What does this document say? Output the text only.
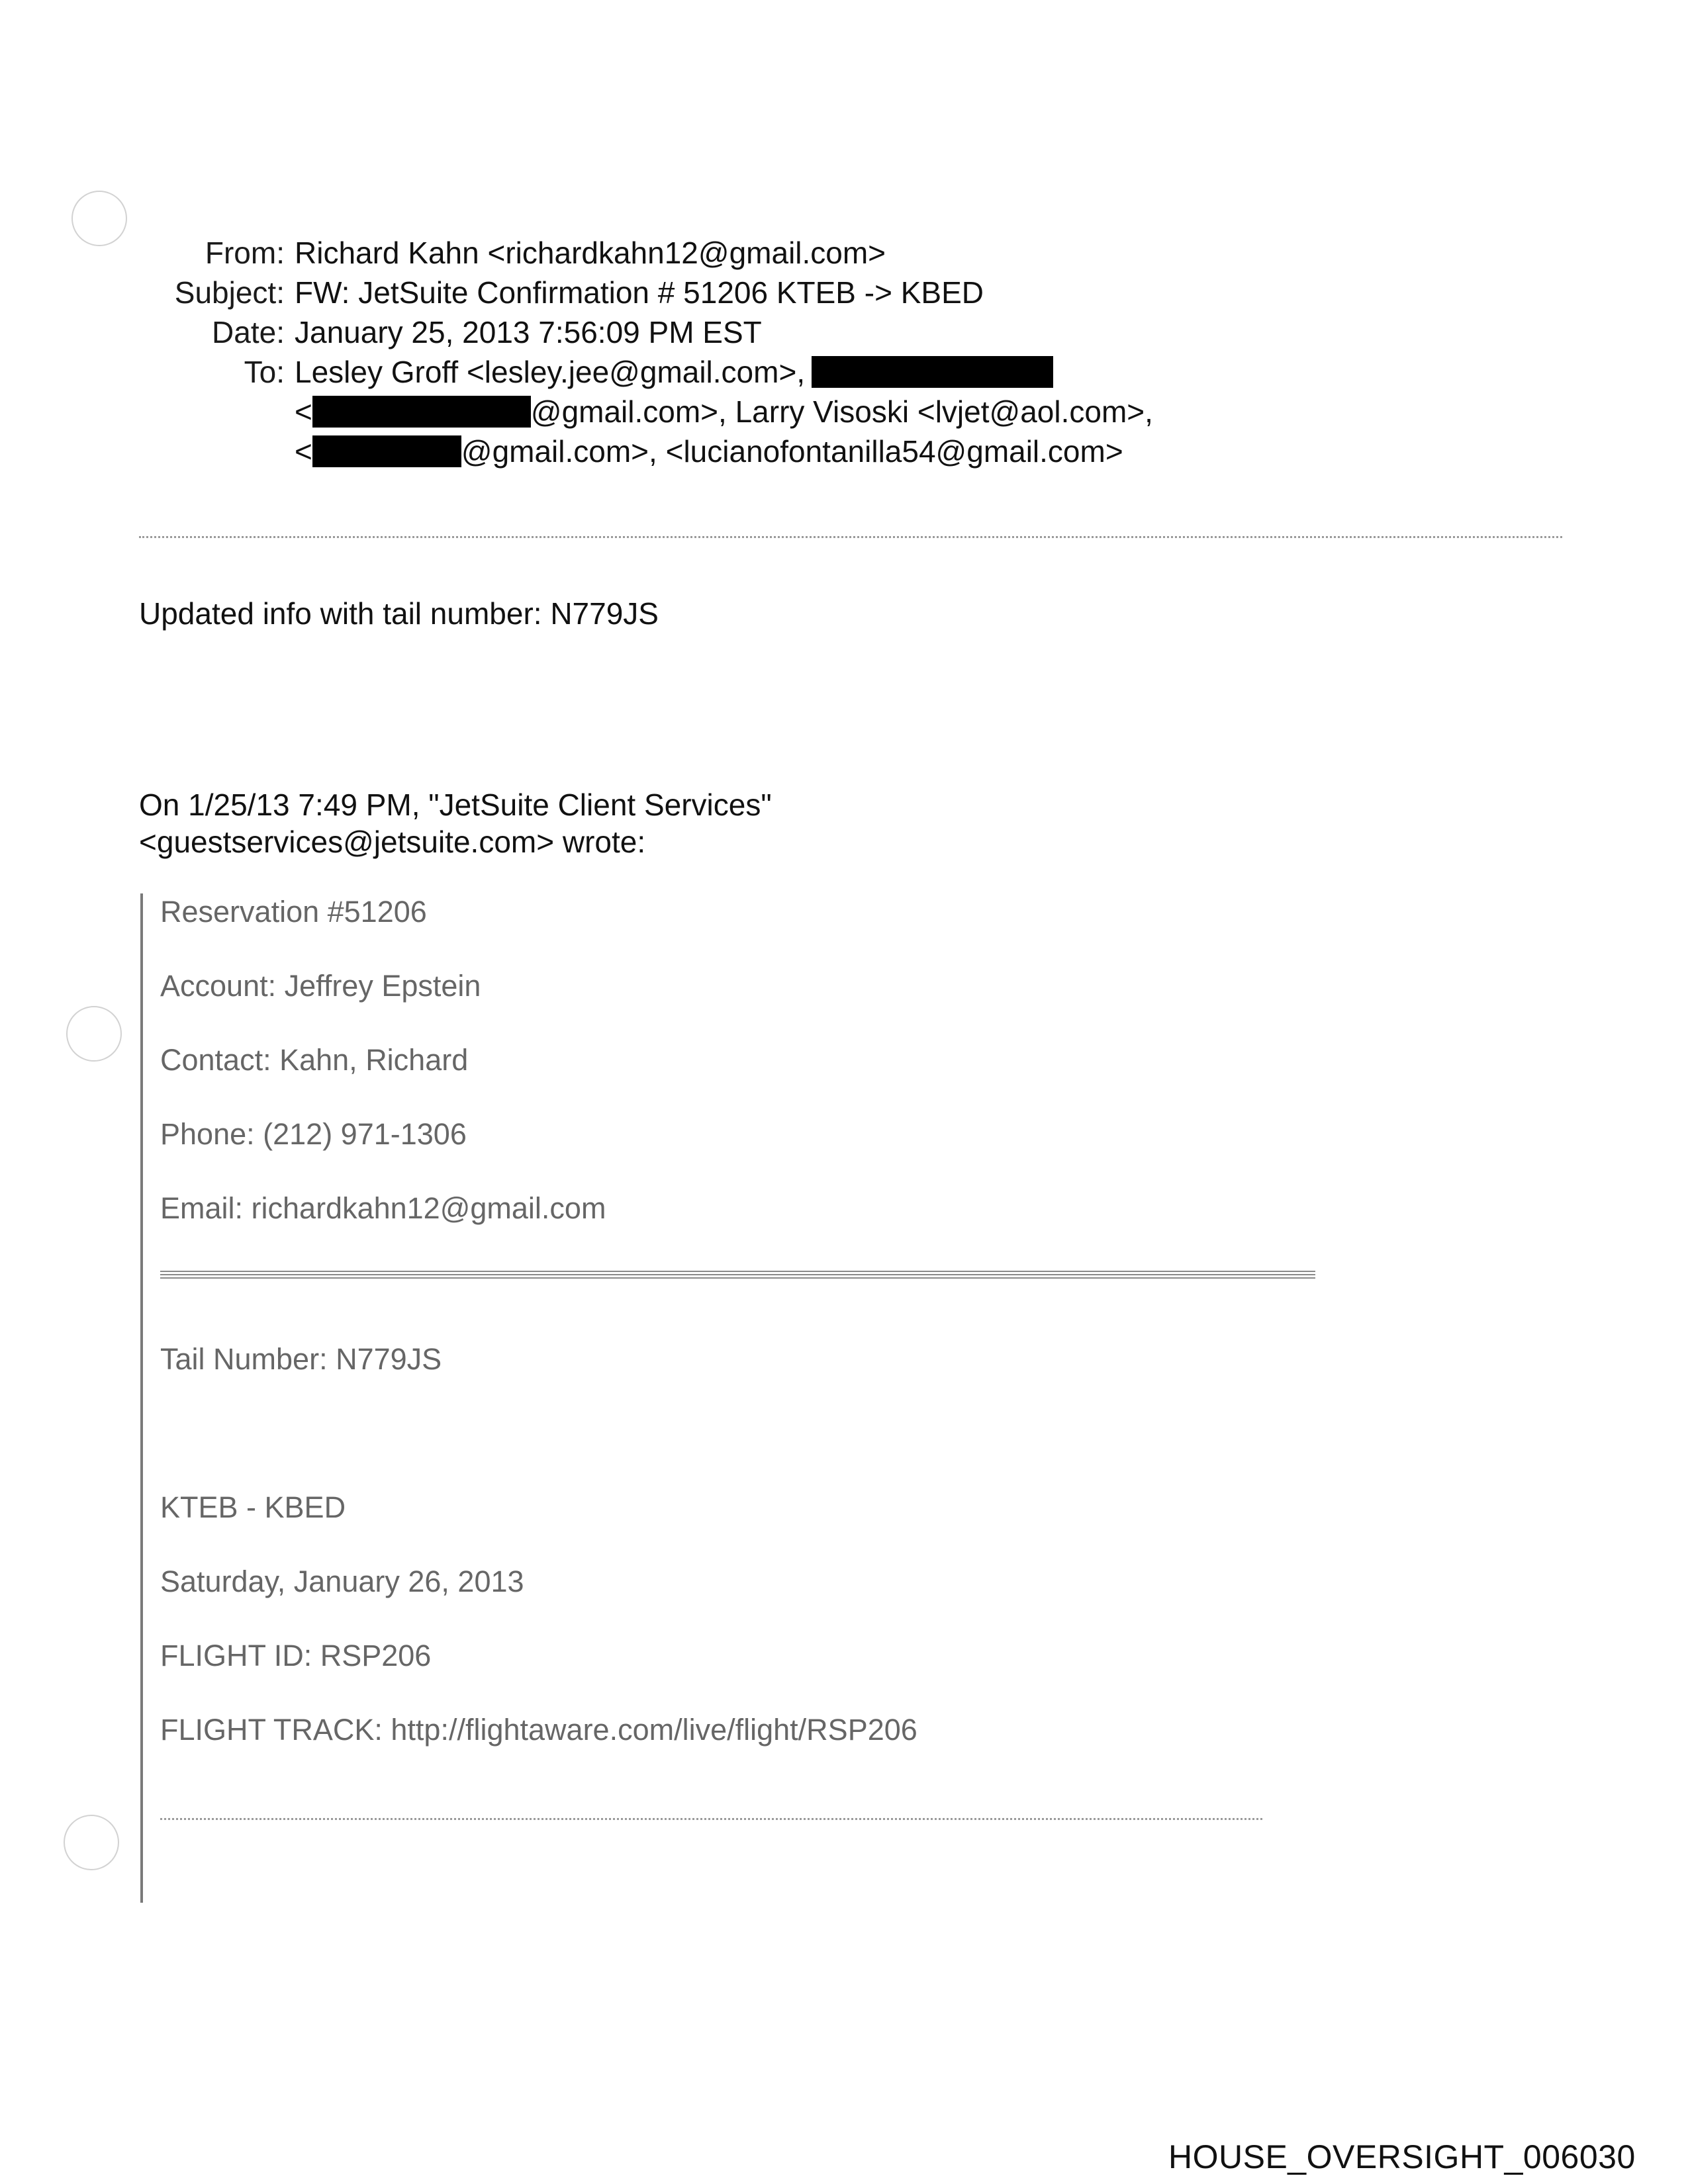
From:
Subject:
Date:
To:
Richard Kahn <richardkahn12@gmail.com>
FW: JetSuite Confirmation # 51206 KTEB -> KBED
January 25, 2013 7:56:09 PM EST
Lesley Groff <lesley.jee@gmail.com>,
<	@gmail.com>, Larry Visoski <lvjet@aol.com>,
<	@gmail.com>, <lucianofontanilla54@gmail.com>
Updated info with tail number: N779JS
On 1/25/13 7:49 PM, "JetSuite Client Services"
<guestservices@jetsuite.com> wrote:
Reservation #51206
Account: Jeffrey Epstein
Contact: Kahn, Richard
Phone: (212) 971-1306
Email: richardkahn12@gmail.com
Tail Number: N779JS
KTEB - KBED
Saturday, January 26, 2013
FLIGHT ID: RSP206
FLIGHT TRACK: http://flightaware.com/live/flight/RSP206
HOUSE_OVERSIGHT_006030
